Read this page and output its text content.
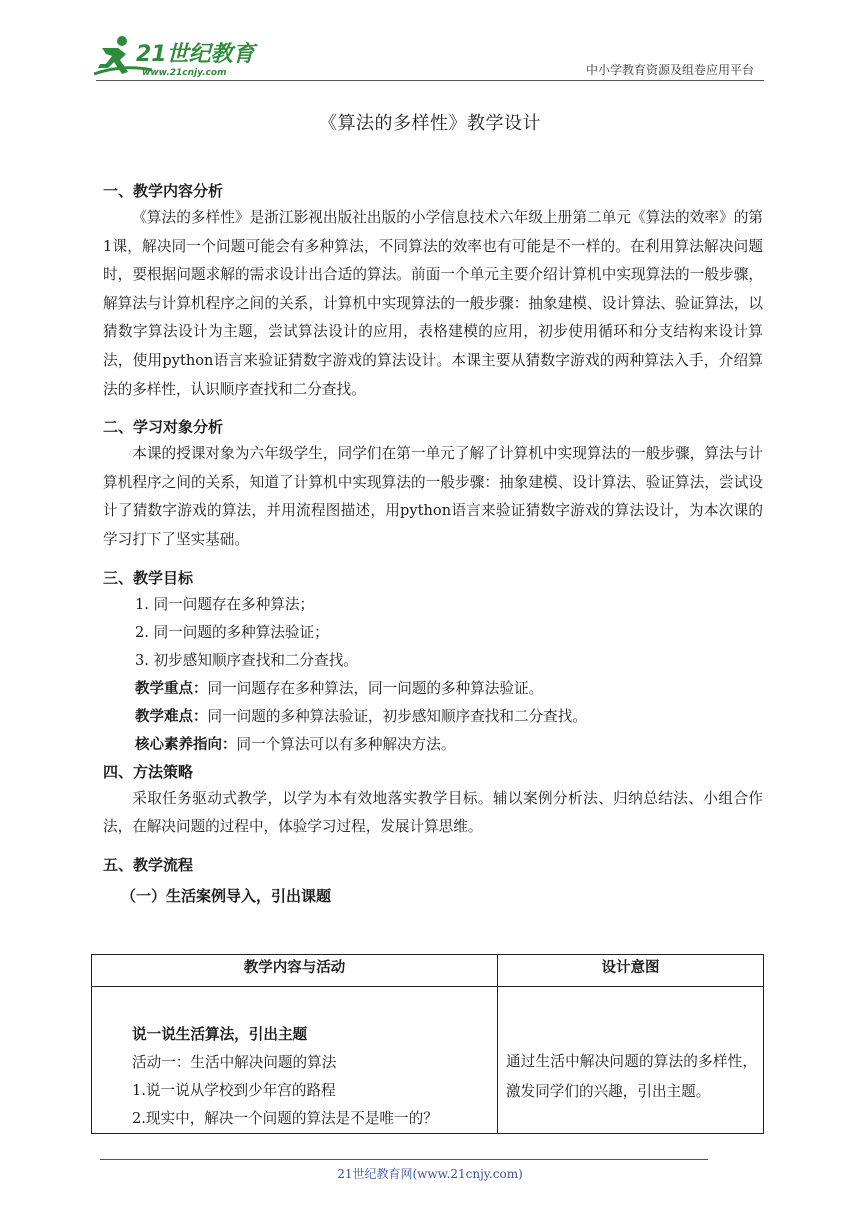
21世纪教育
www.21cnjy.com	中小学教育资源及组卷应用平台
《算法的多样性》教学设计
一、教学内容分析

《算法的多样性》是浙江影视出版社出版的小学信息技术六年级上册第二单元《算法的效率》的第1课，解决同一个问题可能会有多种算法，不同算法的效率也有可能是不一样的。在利用算法解决问题时，要根据问题求解的需求设计出合适的算法。前面一个单元主要介绍计算机中实现算法的一般步骤，解算法与计算机程序之间的关系，计算机中实现算法的一般步骤：抽象建模、设计算法、验证算法，以猜数字算法设计为主题，尝试算法设计的应用，表格建模的应用，初步使用循环和分支结构来设计算法，使用python语言来验证猜数字游戏的算法设计。本课主要从猜数字游戏的两种算法入手，介绍算法的多样性，认识顺序查找和二分查找。

二、学习对象分析

本课的授课对象为六年级学生，同学们在第一单元了解了计算机中实现算法的一般步骤，算法与计算机程序之间的关系，知道了计算机中实现算法的一般步骤：抽象建模、设计算法、验证算法，尝试设计了猜数字游戏的算法，并用流程图描述，用python语言来验证猜数字游戏的算法设计，为本次课的学习打下了坚实基础。

三、教学目标
1. 同一问题存在多种算法；
2. 同一问题的多种算法验证；
3. 初步感知顺序查找和二分查找。
教学重点：同一问题存在多种算法，同一问题的多种算法验证。
教学难点：同一问题的多种算法验证，初步感知顺序查找和二分查找。
核心素养指向：同一个算法可以有多种解决方法。
四、方法策略

采取任务驱动式教学，以学为本有效地落实教学目标。辅以案例分析法、归纳总结法、小组合作法，在解决问题的过程中，体验学习过程，发展计算思维。

五、教学流程
（一）生活案例导入，引出课题
教学内容与活动	设计意图

说一说生活算法，引出主题
活动一：生活中解决问题的算法
1.说一说从学校到少年宫的路程
2.现实中，解决一个问题的算法是不是唯一的？	通过生活中解决问题的算法的多样性，激发同学们的兴趣，引出主题。
21世纪教育网(www.21cnjy.com)
